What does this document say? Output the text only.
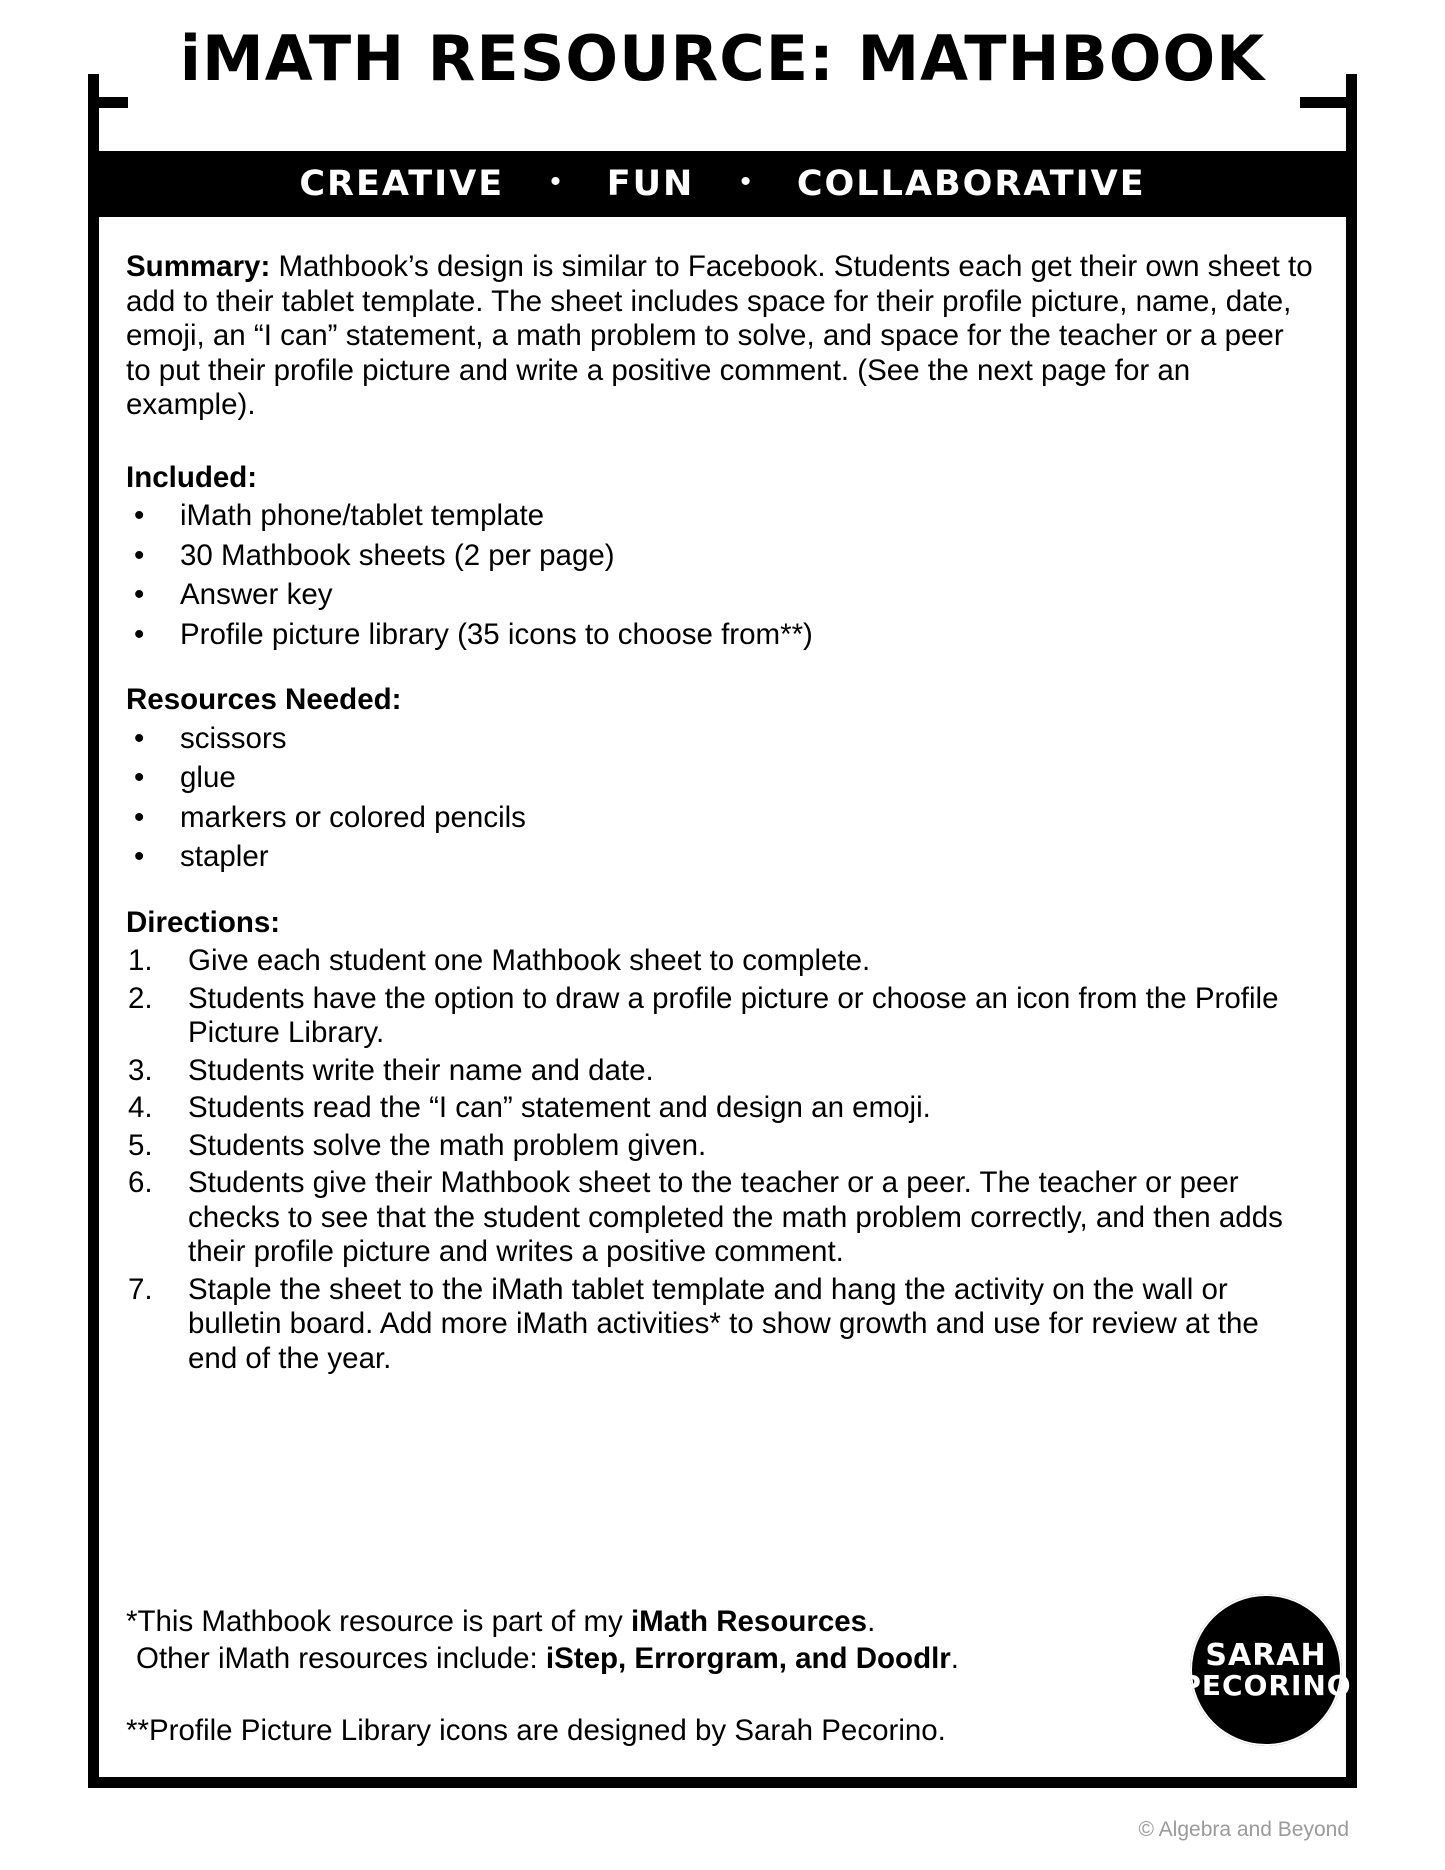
iMATH RESOURCE: MATHBOOK
CREATIVE • FUN • COLLABORATIVE

Summary: Mathbook’s design is similar to Facebook. Students each get their own sheet to add to their tablet template. The sheet includes space for their profile picture, name, date, emoji, an “I can” statement, a math problem to solve, and space for the teacher or a peer to put their profile picture and write a positive comment. (See the next page for an example).

Included:
• iMath phone/tablet template
• 30 Mathbook sheets (2 per page)
• Answer key
• Profile picture library (35 icons to choose from**)
Resources Needed:
• scissors
• glue
• markers or colored pencils
• stapler
Directions:
1.	Give each student one Mathbook sheet to complete.
2.	Students have the option to draw a profile picture or choose an icon from the Profile Picture Library.
3.	Students write their name and date.
4.	Students read the “I can” statement and design an emoji.
5.	Students solve the math problem given.
6.	Students give their Mathbook sheet to the teacher or a peer. The teacher or peer checks to see that the student completed the math problem correctly, and then adds their profile picture and writes a positive comment.
7.	Staple the sheet to the iMath tablet template and hang the activity on the wall or bulletin board. Add more iMath activities* to show growth and use for review at the end of the year.
*This Mathbook resource is part of my iMath Resources.
Other iMath resources include: iStep, Errorgram, and Doodlr.
**Profile Picture Library icons are designed by Sarah Pecorino.
SARAH
PECORINO
© Algebra and Beyond
